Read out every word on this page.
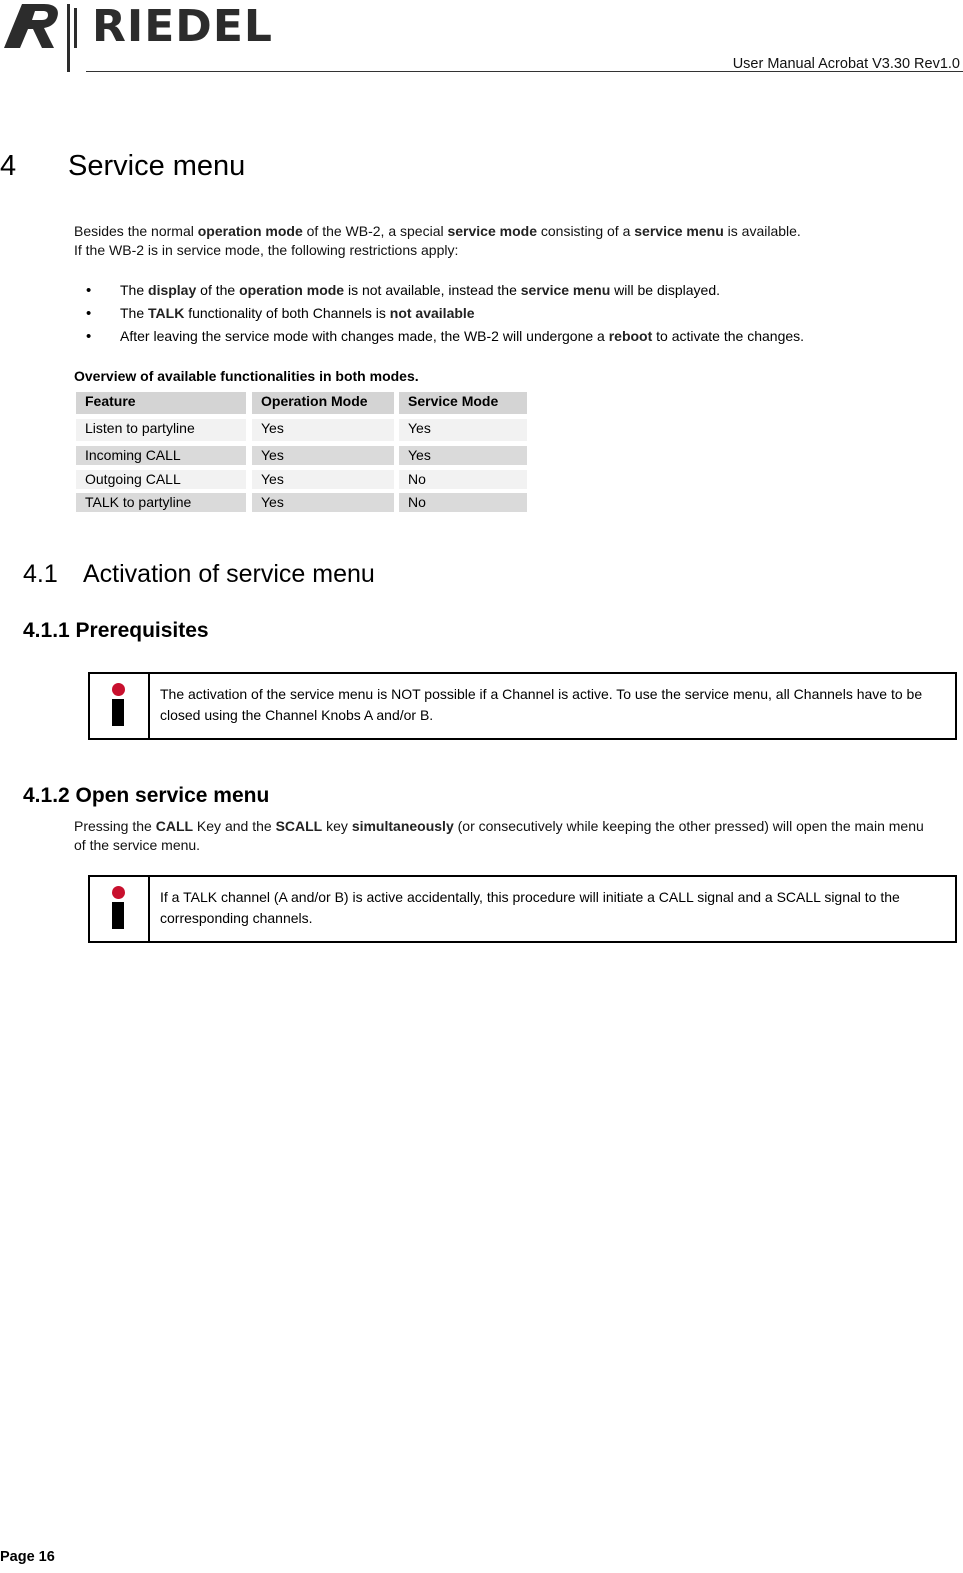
RIEDEL
User Manual Acrobat V3.30 Rev1.0
4 Service menu
Besides the normal operation mode of the WB-2, a special service mode consisting of a service menu is available.
If the WB-2 is in service mode, the following restrictions apply:
• The display of the operation mode is not available, instead the service menu will be displayed.
• The TALK functionality of both Channels is not available
• After leaving the service mode with changes made, the WB-2 will undergone a reboot to activate the changes.
Overview of available functionalities in both modes.
Feature	Operation Mode	Service Mode
Listen to partyline	Yes	Yes
Incoming CALL	Yes	Yes
Outgoing CALL	Yes	No
TALK to partyline	Yes	No
4.1 Activation of service menu
4.1.1 Prerequisites
The activation of the service menu is NOT possible if a Channel is active. To use the service menu, all Channels have to be closed using the Channel Knobs A and/or B.
4.1.2 Open service menu
Pressing the CALL Key and the SCALL key simultaneously (or consecutively while keeping the other pressed) will open the main menu of the service menu.
If a TALK channel (A and/or B) is active accidentally, this procedure will initiate a CALL signal and a SCALL signal to the corresponding channels.
Page 16
